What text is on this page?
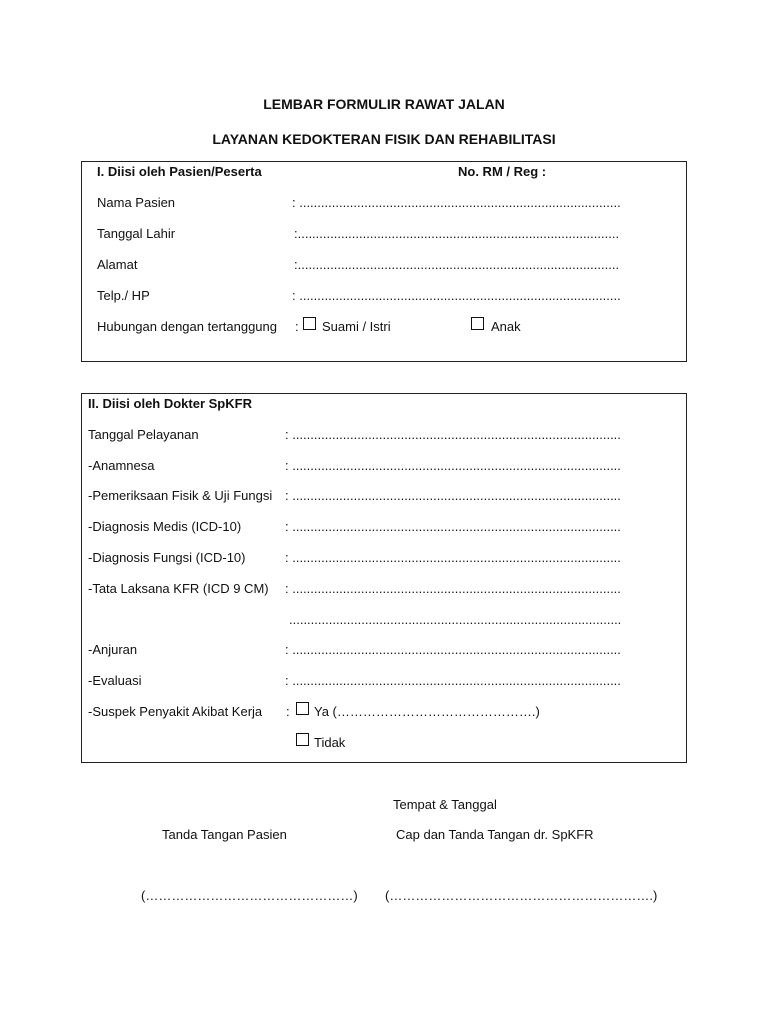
LEMBAR FORMULIR RAWAT JALAN
LAYANAN KEDOKTERAN FISIK DAN REHABILITASI
I. Diisi oleh Pasien/Peserta	No. RM / Reg :
Nama Pasien	: .........................................................................................
Tanggal Lahir	:.........................................................................................
Alamat	:.........................................................................................
Telp./ HP	: .........................................................................................
Hubungan dengan tertanggung : Suami / Istri	Anak
II. Diisi oleh Dokter SpKFR
Tanggal Pelayanan	: ...........................................................................................
-Anamnesa	: ...........................................................................................
-Pemeriksaan Fisik & Uji Fungsi : ...........................................................................................
-Diagnosis Medis (ICD-10)	: ...........................................................................................
-Diagnosis Fungsi (ICD-10)	: ...........................................................................................
-Tata Laksana KFR (ICD 9 CM) : ...........................................................................................
............................................................................................
-Anjuran	: ...........................................................................................
-Evaluasi	: ...........................................................................................
-Suspek Penyakit Akibat Kerja : Ya (……………………………………….)
Tidak
Tempat & Tanggal
Tanda Tangan Pasien	Cap dan Tanda Tangan dr. SpKFR
(…………………………………………) (…………………………………………………….)
